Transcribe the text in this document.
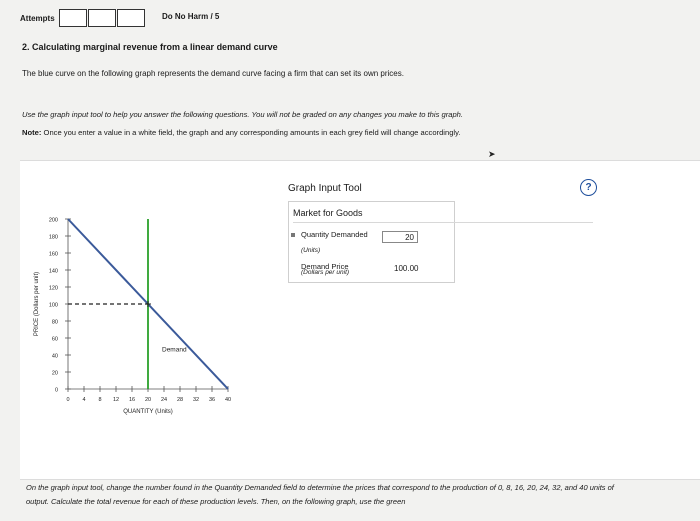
Attempts	Do No Harm / 5
2. Calculating marginal revenue from a linear demand curve
The blue curve on the following graph represents the demand curve facing a firm that can set its own prices.
Use the graph input tool to help you answer the following questions. You will not be graded on any changes you make to this graph.
Note: Once you enter a value in a white field, the graph and any corresponding amounts in each grey field will change accordingly.
➤
0
20
40
60
80
100
120
140
160
180
200
0 4 8 12 16 20 24 28 32 36 40
Demand
QUANTITY (Units)
PRICE (Dollars per unit)
?
Graph Input Tool
Market for Goods
Quantity Demanded
(Units)
20
Demand Price
(Dollars per unit)	100.00
On the graph input tool, change the number found in the Quantity Demanded field to determine the prices that correspond to the production of 0, 8, 16, 20, 24, 32, and 40 units of output. Calculate the total revenue for each of these production levels. Then, on the following graph, use the green
